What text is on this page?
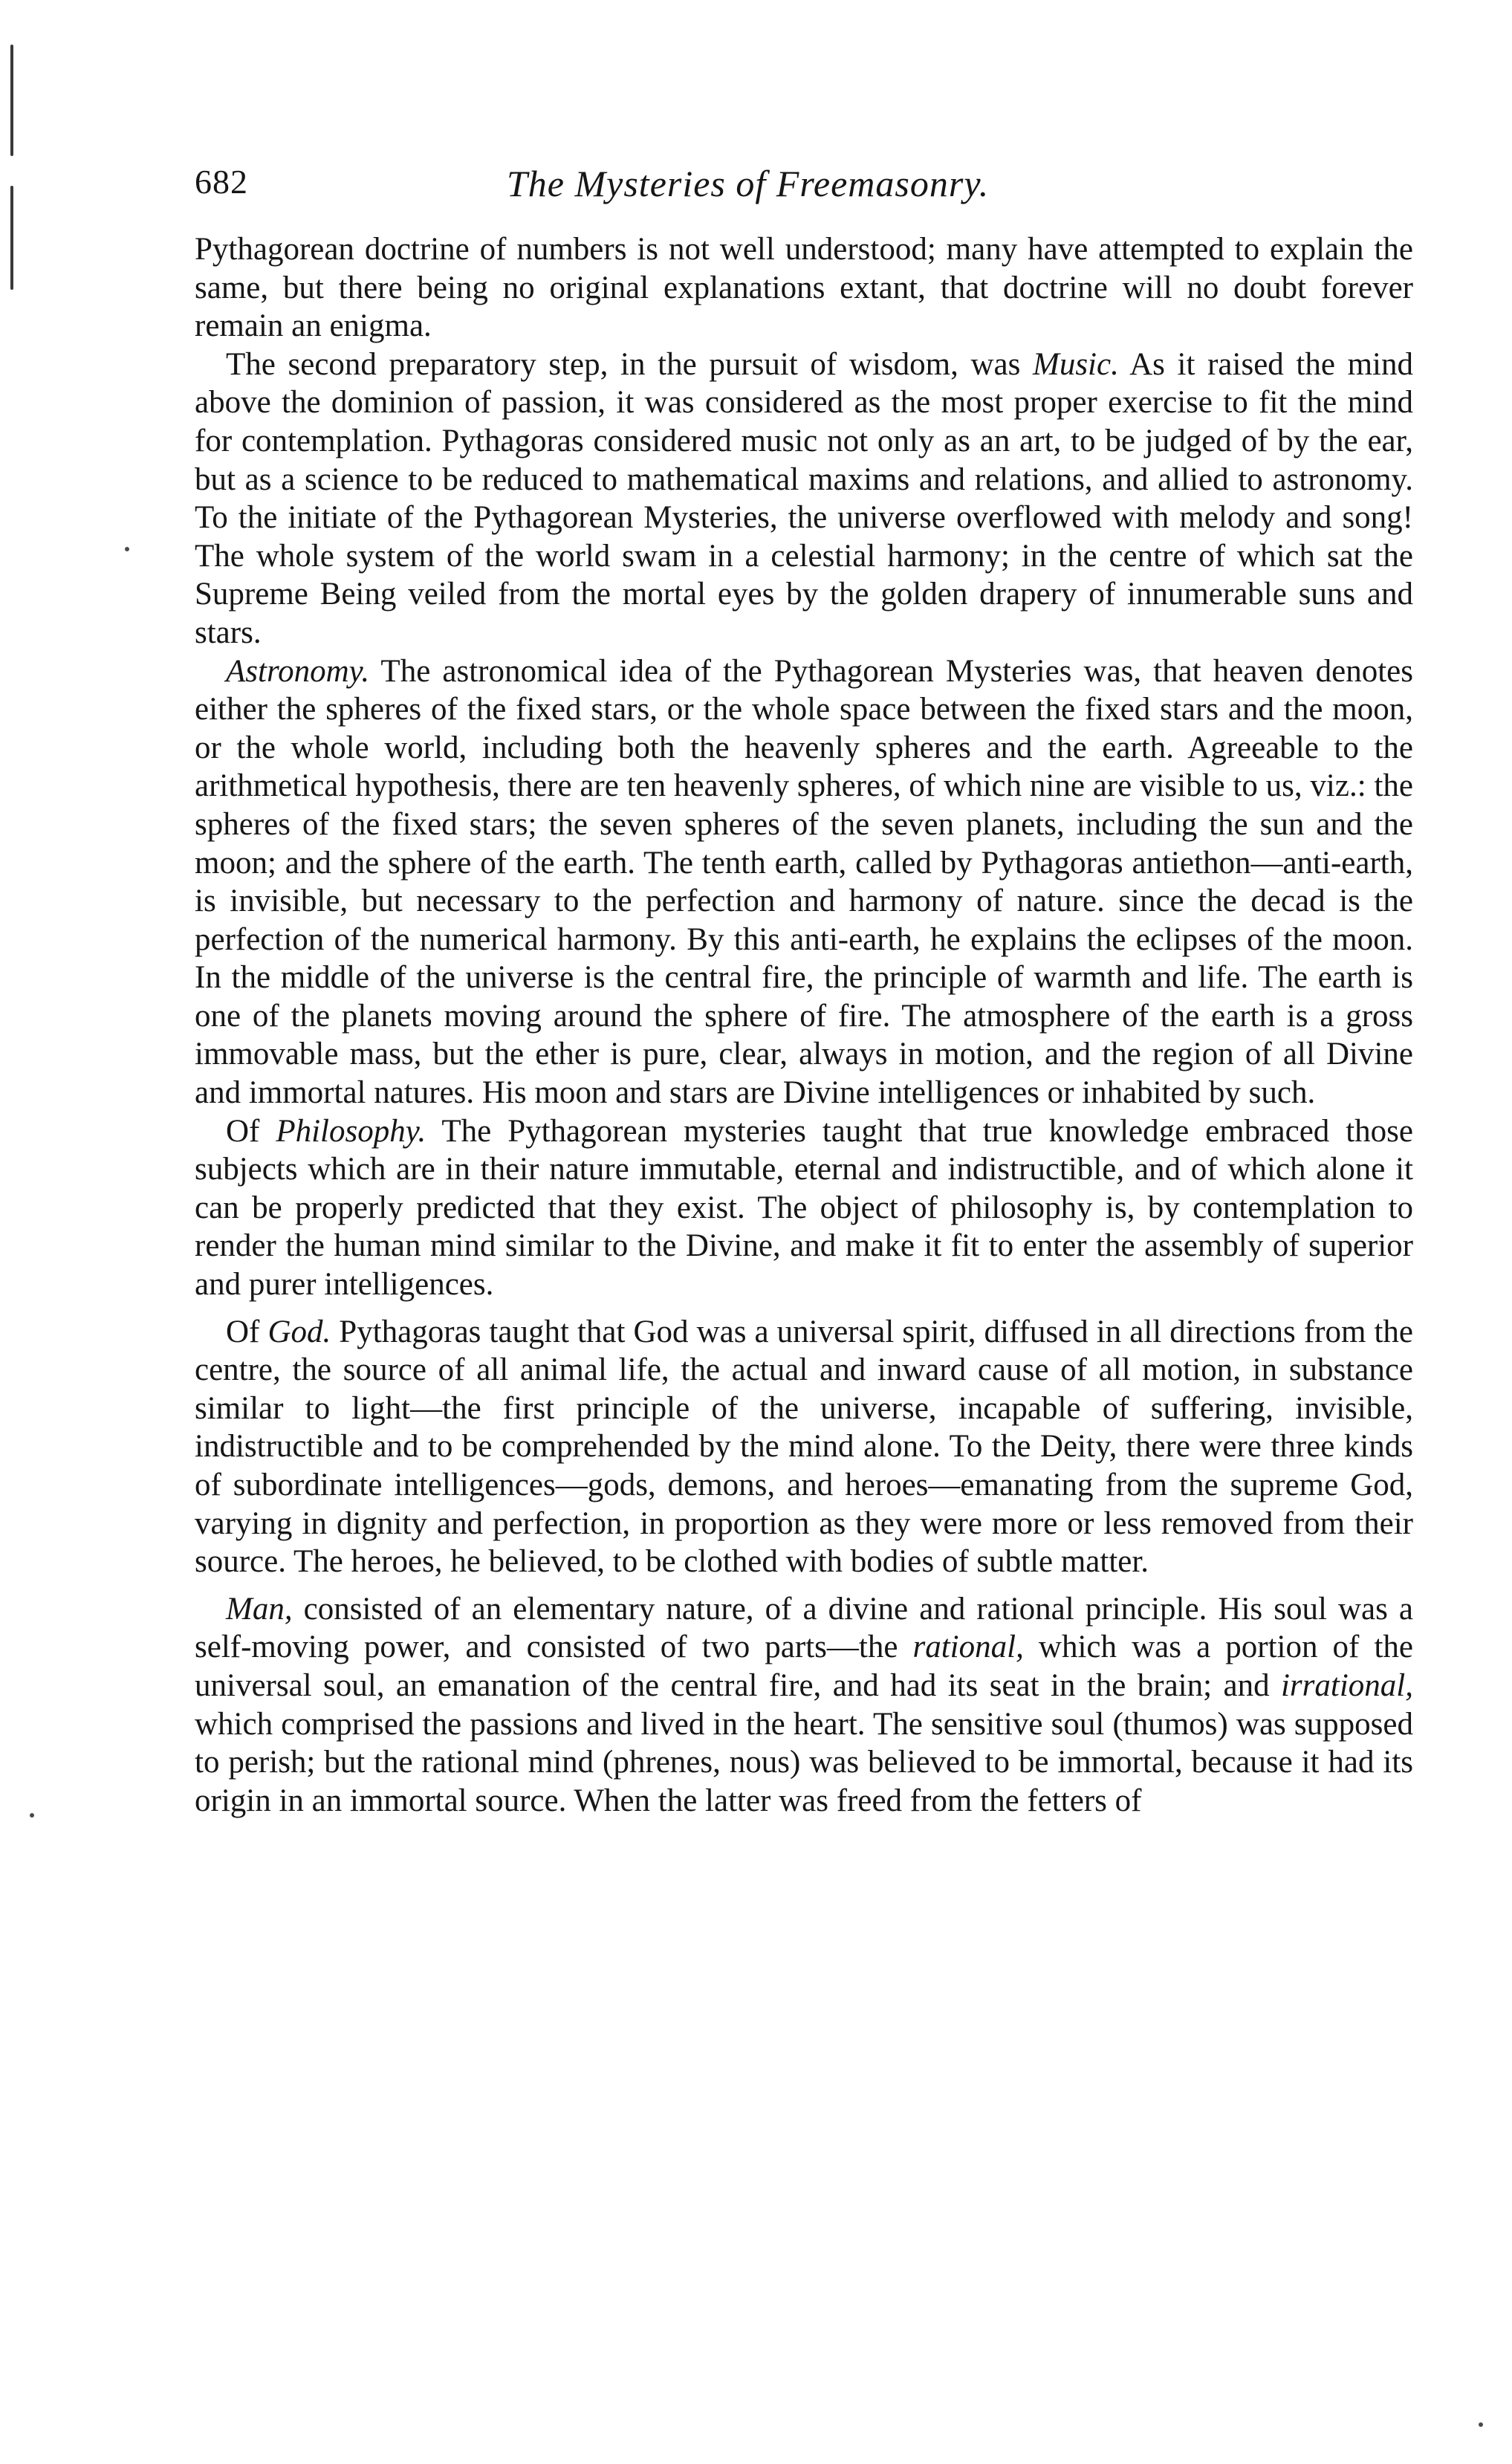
682	The Mysteries of Freemasonry.

Pythagorean doctrine of numbers is not well understood; many have attempted to explain the same, but there being no original explanations extant, that doctrine will no doubt forever remain an enigma.

The second preparatory step, in the pursuit of wisdom, was Music. As it raised the mind above the dominion of passion, it was considered as the most proper exercise to fit the mind for contemplation. Pythagoras considered music not only as an art, to be judged of by the ear, but as a science to be reduced to mathematical maxims and relations, and allied to astronomy. To the initiate of the Pythagorean Mysteries, the universe overflowed with melody and song! The whole system of the world swam in a celestial harmony; in the centre of which sat the Supreme Being veiled from the mortal eyes by the golden drapery of innumerable suns and stars.

Astronomy. The astronomical idea of the Pythagorean Mysteries was, that heaven denotes either the spheres of the fixed stars, or the whole space between the fixed stars and the moon, or the whole world, including both the heavenly spheres and the earth. Agreeable to the arithmetical hypothesis, there are ten heavenly spheres, of which nine are visible to us, viz.: the spheres of the fixed stars; the seven spheres of the seven planets, including the sun and the moon; and the sphere of the earth. The tenth earth, called by Pythagoras antiethon—anti-earth, is invisible, but necessary to the perfection and harmony of nature. since the decad is the perfection of the numerical harmony. By this anti-earth, he explains the eclipses of the moon. In the middle of the universe is the central fire, the principle of warmth and life. The earth is one of the planets moving around the sphere of fire. The atmosphere of the earth is a gross immovable mass, but the ether is pure, clear, always in motion, and the region of all Divine and immortal natures. His moon and stars are Divine intelligences or inhabited by such.

Of Philosophy. The Pythagorean mysteries taught that true knowledge embraced those subjects which are in their nature immutable, eternal and indistructible, and of which alone it can be properly predicted that they exist. The object of philosophy is, by contemplation to render the human mind similar to the Divine, and make it fit to enter the assembly of superior and purer intelligences.

Of God. Pythagoras taught that God was a universal spirit, diffused in all directions from the centre, the source of all animal life, the actual and inward cause of all motion, in substance similar to light—the first principle of the universe, incapable of suffering, invisible, indistructible and to be comprehended by the mind alone. To the Deity, there were three kinds of subordinate intelligences—gods, demons, and heroes—emanating from the supreme God, varying in dignity and perfection, in proportion as they were more or less removed from their source. The heroes, he believed, to be clothed with bodies of subtle matter.

Man, consisted of an elementary nature, of a divine and rational principle. His soul was a self-moving power, and consisted of two parts—the rational, which was a portion of the universal soul, an emanation of the central fire, and had its seat in the brain; and irrational, which comprised the passions and lived in the heart. The sensitive soul (thumos) was supposed to perish; but the rational mind (phrenes, nous) was believed to be immortal, because it had its origin in an immortal source. When the latter was freed from the fetters of
